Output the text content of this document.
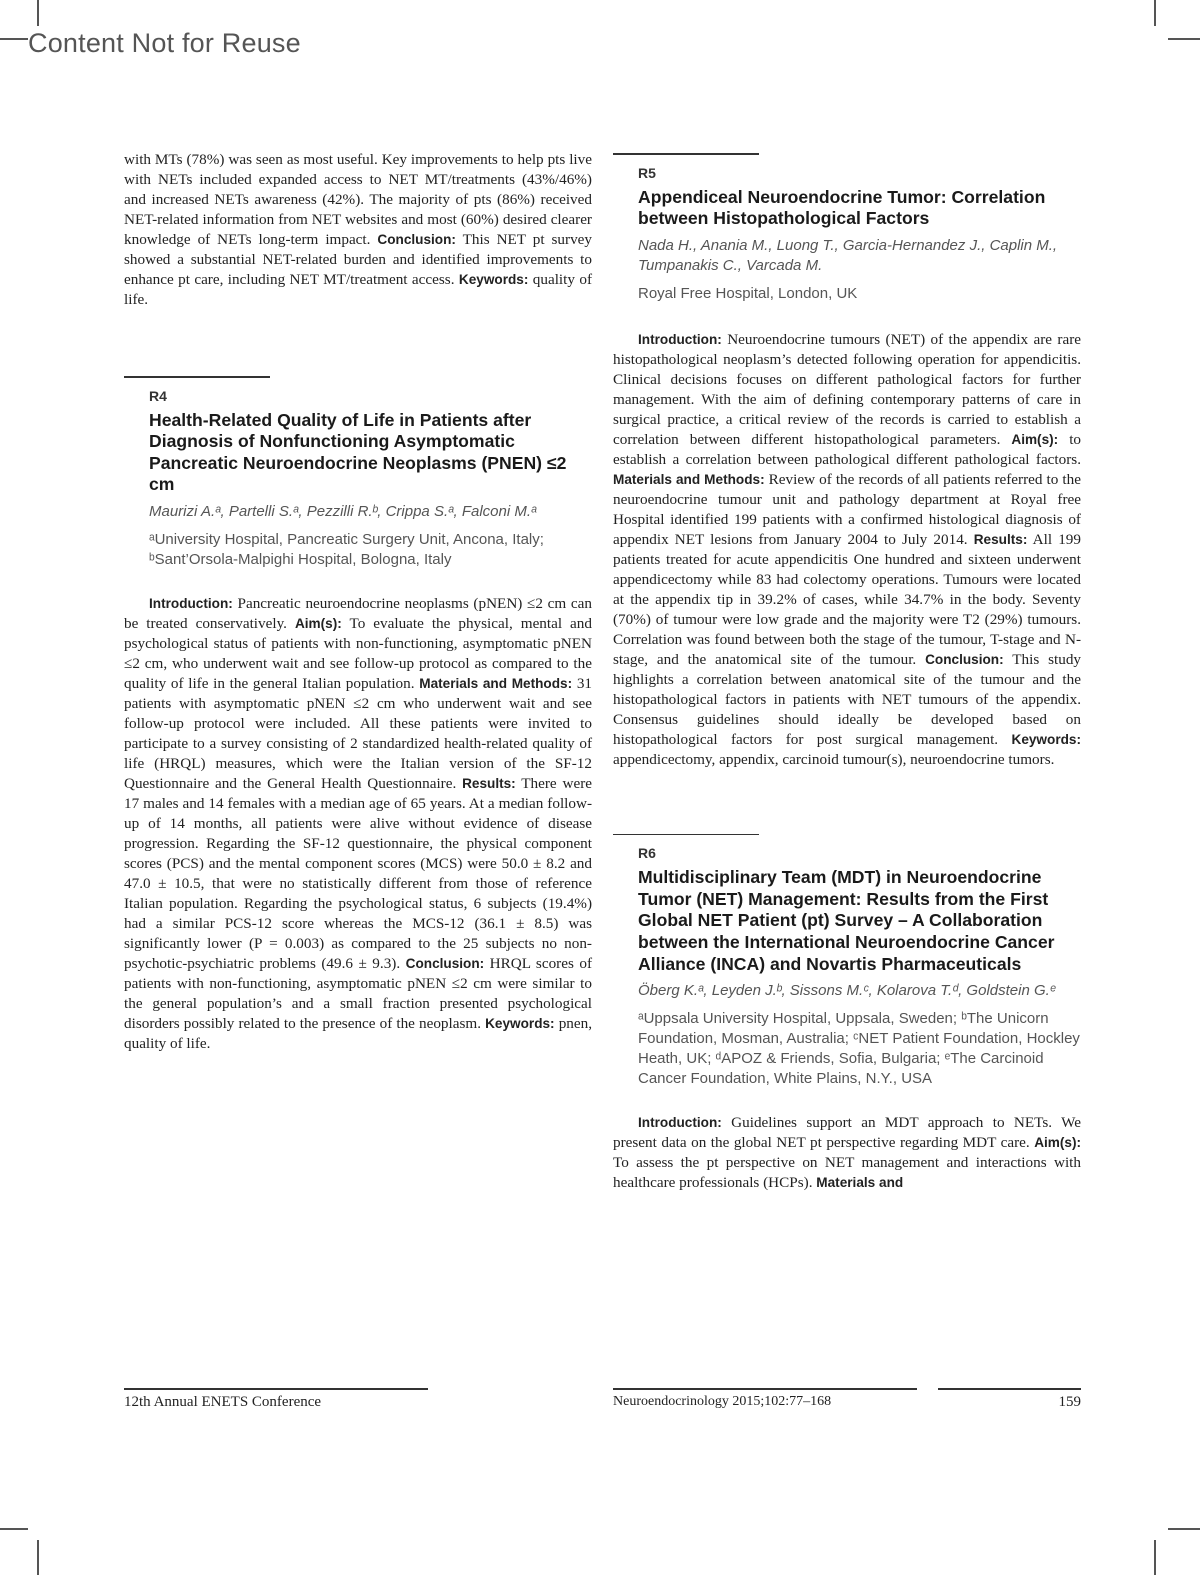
Content Not for Reuse

with MTs (78%) was seen as most useful. Key improvements to help pts live with NETs included expanded access to NET MT/treatments (43%/46%) and increased NETs awareness (42%). The majority of pts (86%) received NET-related information from NET websites and most (60%) desired clearer knowledge of NETs long-term impact. Conclusion: This NET pt survey showed a substantial NET-related burden and identified improvements to enhance pt care, including NET MT/treatment access. Keywords: quality of life.

R4
Health-Related Quality of Life in Patients after Diagnosis of Nonfunctioning Asymptomatic Pancreatic Neuroendocrine Neoplasms (PNEN) ≤2 cm

Maurizi A.ᵃ, Partelli S.ᵃ, Pezzilli R.ᵇ, Crippa S.ᵃ, Falconi M.ᵃ

ᵃUniversity Hospital, Pancreatic Surgery Unit, Ancona, Italy; ᵇSant’Orsola-Malpighi Hospital, Bologna, Italy

Introduction: Pancreatic neuroendocrine neoplasms (pNEN) ≤2 cm can be treated conservatively. Aim(s): To evaluate the physical, mental and psychological status of patients with non-functioning, asymptomatic pNEN ≤2 cm, who underwent wait and see follow-up protocol as compared to the quality of life in the general Italian population. Materials and Methods: 31 patients with asymptomatic pNEN ≤2 cm who underwent wait and see follow-up protocol were included. All these patients were invited to participate to a survey consisting of 2 standardized health-related quality of life (HRQL) measures, which were the Italian version of the SF-12 Questionnaire and the General Health Questionnaire. Results: There were 17 males and 14 females with a median age of 65 years. At a median follow-up of 14 months, all patients were alive without evidence of disease progression. Regarding the SF-12 questionnaire, the physical component scores (PCS) and the mental component scores (MCS) were 50.0 ± 8.2 and 47.0 ± 10.5, that were no statistically different from those of reference Italian population. Regarding the psychological status, 6 subjects (19.4%) had a similar PCS-12 score whereas the MCS-12 (36.1 ± 8.5) was significantly lower (P = 0.003) as compared to the 25 subjects no non-psychotic-psychiatric problems (49.6 ± 9.3). Conclusion: HRQL scores of patients with non-functioning, asymptomatic pNEN ≤2 cm were similar to the general population’s and a small fraction presented psychological disorders possibly related to the presence of the neoplasm. Keywords: pnen, quality of life.

R5
Appendiceal Neuroendocrine Tumor: Correlation between Histopathological Factors

Nada H., Anania M., Luong T., Garcia-Hernandez J., Caplin M., Tumpanakis C., Varcada M.

Royal Free Hospital, London, UK

Introduction: Neuroendocrine tumours (NET) of the appendix are rare histopathological neoplasm’s detected following operation for appendicitis. Clinical decisions focuses on different pathological factors for further management. With the aim of defining contemporary patterns of care in surgical practice, a critical review of the records is carried to establish a correlation between different histopathological parameters. Aim(s): to establish a correlation between pathological different pathological factors. Materials and Methods: Review of the records of all patients referred to the neuroendocrine tumour unit and pathology department at Royal free Hospital identified 199 patients with a confirmed histological diagnosis of appendix NET lesions from January 2004 to July 2014. Results: All 199 patients treated for acute appendicitis One hundred and sixteen underwent appendicectomy while 83 had colectomy operations. Tumours were located at the appendix tip in 39.2% of cases, while 34.7% in the body. Seventy (70%) of tumour were low grade and the majority were T2 (29%) tumours. Correlation was found between both the stage of the tumour, T-stage and N-stage, and the anatomical site of the tumour. Conclusion: This study highlights a correlation between anatomical site of the tumour and the histopathological factors in patients with NET tumours of the appendix. Consensus guidelines should ideally be developed based on histopathological factors for post surgical management. Keywords: appendicectomy, appendix, carcinoid tumour(s), neuroendocrine tumors.

R6
Multidisciplinary Team (MDT) in Neuroendocrine Tumor (NET) Management: Results from the First Global NET Patient (pt) Survey – A Collaboration between the International Neuroendocrine Cancer Alliance (INCA) and Novartis Pharmaceuticals

Öberg K.ᵃ, Leyden J.ᵇ, Sissons M.ᶜ, Kolarova T.ᵈ, Goldstein G.ᵉ

ᵃUppsala University Hospital, Uppsala, Sweden; ᵇThe Unicorn Foundation, Mosman, Australia; ᶜNET Patient Foundation, Hockley Heath, UK; ᵈAPOZ & Friends, Sofia, Bulgaria; ᵉThe Carcinoid Cancer Foundation, White Plains, N.Y., USA

Introduction: Guidelines support an MDT approach to NETs. We present data on the global NET pt perspective regarding MDT care. Aim(s): To assess the pt perspective on NET management and interactions with healthcare professionals (HCPs). Materials and

12th Annual ENETS Conference	Neuroendocrinology 2015;102:77–168	159
